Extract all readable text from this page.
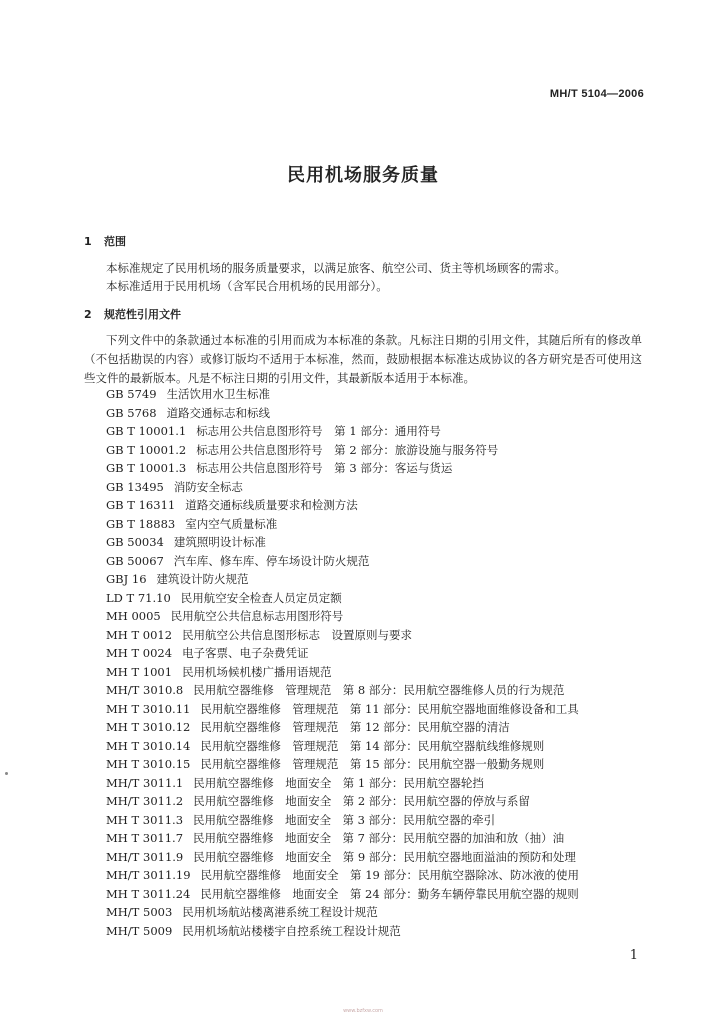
MH/T 5104—2006
民用机场服务质量
1 范围
本标准规定了民用机场的服务质量要求，以满足旅客、航空公司、货主等机场顾客的需求。
本标准适用于民用机场（含军民合用机场的民用部分）。
2 规范性引用文件
下列文件中的条款通过本标准的引用而成为本标准的条款。凡标注日期的引用文件，其随后所有的修改单（不包括勘误的内容）或修订版均不适用于本标准，然而，鼓励根据本标准达成协议的各方研究是否可使用这些文件的最新版本。凡是不标注日期的引用文件，其最新版本适用于本标准。
GB 5749 生活饮用水卫生标准
GB 5768 道路交通标志和标线
GB T 10001.1 标志用公共信息图形符号　第 1 部分：通用符号
GB T 10001.2 标志用公共信息图形符号　第 2 部分：旅游设施与服务符号
GB T 10001.3 标志用公共信息图形符号　第 3 部分：客运与货运
GB 13495 消防安全标志
GB T 16311 道路交通标线质量要求和检测方法
GB T 18883 室内空气质量标准
GB 50034 建筑照明设计标准
GB 50067 汽车库、修车库、停车场设计防火规范
GBJ 16 建筑设计防火规范
LD T 71.10 民用航空安全检查人员定员定额
MH 0005 民用航空公共信息标志用图形符号
MH T 0012 民用航空公共信息图形标志　设置原则与要求
MH T 0024 电子客票、电子杂费凭证
MH T 1001 民用机场候机楼广播用语规范
MH/T 3010.8 民用航空器维修　管理规范　第 8 部分：民用航空器维修人员的行为规范
MH T 3010.11 民用航空器维修　管理规范　第 11 部分：民用航空器地面维修设备和工具
MH T 3010.12 民用航空器维修　管理规范　第 12 部分：民用航空器的清洁
MH T 3010.14 民用航空器维修　管理规范　第 14 部分：民用航空器航线维修规则
MH T 3010.15 民用航空器维修　管理规范　第 15 部分：民用航空器一般勤务规则
MH/T 3011.1 民用航空器维修　地面安全　第 1 部分：民用航空器轮挡
MH/T 3011.2 民用航空器维修　地面安全　第 2 部分：民用航空器的停放与系留
MH T 3011.3 民用航空器维修　地面安全　第 3 部分：民用航空器的牵引
MH T 3011.7 民用航空器维修　地面安全　第 7 部分：民用航空器的加油和放（抽）油
MH/T 3011.9 民用航空器维修　地面安全　第 9 部分：民用航空器地面溢油的预防和处理
MH/T 3011.19 民用航空器维修　地面安全　第 19 部分：民用航空器除冰、防冰液的使用
MH T 3011.24 民用航空器维修　地面安全　第 24 部分：勤务车辆停靠民用航空器的规则
MH/T 5003 民用机场航站楼离港系统工程设计规范
MH/T 5009 民用机场航站楼楼宇自控系统工程设计规范
1
www.bzfxw.com
